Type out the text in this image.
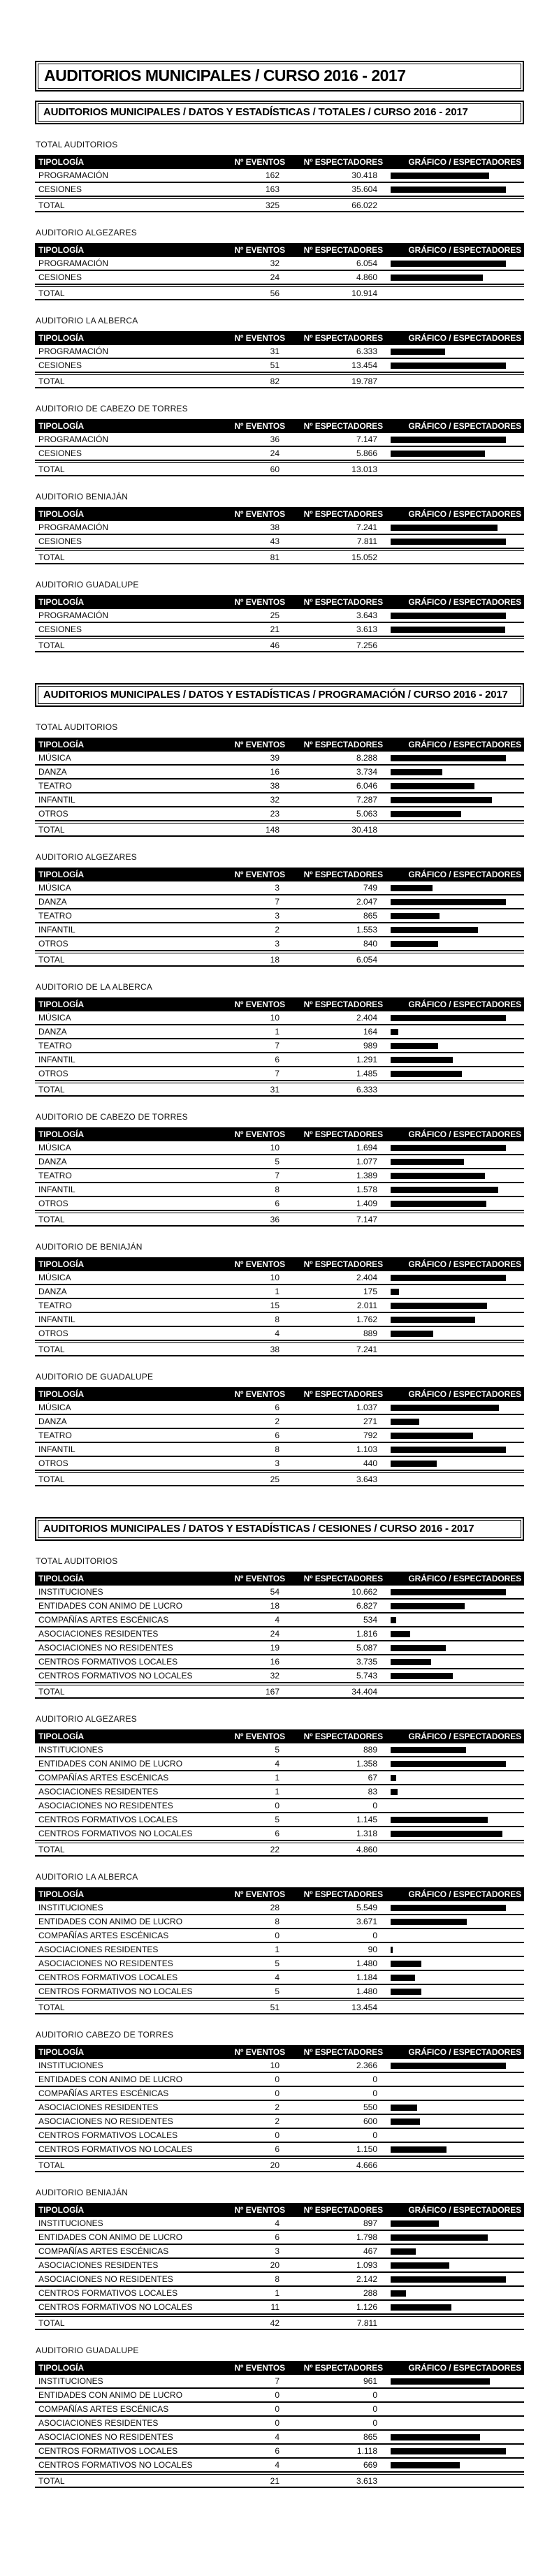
AUDITORIOS MUNICIPALES / CURSO 2016 - 2017
AUDITORIOS MUNICIPALES / DATOS Y ESTADÍSTICAS / TOTALES / CURSO 2016 - 2017
TOTAL AUDITORIOS
TIPOLOGÍA	Nº EVENTOS	Nº ESPECTADORES	GRÁFICO / ESPECTADORES
PROGRAMACIÓN	162	30.418
CESIONES	163	35.604
TOTAL	325	66.022
AUDITORIO ALGEZARES
TIPOLOGÍA	Nº EVENTOS	Nº ESPECTADORES	GRÁFICO / ESPECTADORES
PROGRAMACIÓN	32	6.054
CESIONES	24	4.860
TOTAL	56	10.914
AUDITORIO LA ALBERCA
TIPOLOGÍA	Nº EVENTOS	Nº ESPECTADORES	GRÁFICO / ESPECTADORES
PROGRAMACIÓN	31	6.333
CESIONES	51	13.454
TOTAL	82	19.787
AUDITORIO DE CABEZO DE TORRES
TIPOLOGÍA	Nº EVENTOS	Nº ESPECTADORES	GRÁFICO / ESPECTADORES
PROGRAMACIÓN	36	7.147
CESIONES	24	5.866
TOTAL	60	13.013
AUDITORIO BENIAJÁN
TIPOLOGÍA	Nº EVENTOS	Nº ESPECTADORES	GRÁFICO / ESPECTADORES
PROGRAMACIÓN	38	7.241
CESIONES	43	7.811
TOTAL	81	15.052
AUDITORIO GUADALUPE
TIPOLOGÍA	Nº EVENTOS	Nº ESPECTADORES	GRÁFICO / ESPECTADORES
PROGRAMACIÓN	25	3.643
CESIONES	21	3.613
TOTAL	46	7.256
AUDITORIOS MUNICIPALES / DATOS Y ESTADÍSTICAS / PROGRAMACIÓN / CURSO 2016 - 2017
TOTAL AUDITORIOS
TIPOLOGÍA	Nº EVENTOS	Nº ESPECTADORES	GRÁFICO / ESPECTADORES
MÚSICA	39	8.288
DANZA	16	3.734
TEATRO	38	6.046
INFANTIL	32	7.287
OTROS	23	5.063
TOTAL	148	30.418
AUDITORIO ALGEZARES
TIPOLOGÍA	Nº EVENTOS	Nº ESPECTADORES	GRÁFICO / ESPECTADORES
MÚSICA	3	749
DANZA	7	2.047
TEATRO	3	865
INFANTIL	2	1.553
OTROS	3	840
TOTAL	18	6.054
AUDITORIO DE LA ALBERCA
TIPOLOGÍA	Nº EVENTOS	Nº ESPECTADORES	GRÁFICO / ESPECTADORES
MÚSICA	10	2.404
DANZA	1	164
TEATRO	7	989
INFANTIL	6	1.291
OTROS	7	1.485
TOTAL	31	6.333
AUDITORIO DE CABEZO DE TORRES
TIPOLOGÍA	Nº EVENTOS	Nº ESPECTADORES	GRÁFICO / ESPECTADORES
MÚSICA	10	1.694
DANZA	5	1.077
TEATRO	7	1.389
INFANTIL	8	1.578
OTROS	6	1.409
TOTAL	36	7.147
AUDITORIO DE BENIAJÁN
TIPOLOGÍA	Nº EVENTOS	Nº ESPECTADORES	GRÁFICO / ESPECTADORES
MÚSICA	10	2.404
DANZA	1	175
TEATRO	15	2.011
INFANTIL	8	1.762
OTROS	4	889
TOTAL	38	7.241
AUDITORIO DE GUADALUPE
TIPOLOGÍA	Nº EVENTOS	Nº ESPECTADORES	GRÁFICO / ESPECTADORES
MÚSICA	6	1.037
DANZA	2	271
TEATRO	6	792
INFANTIL	8	1.103
OTROS	3	440
TOTAL	25	3.643
AUDITORIOS MUNICIPALES / DATOS Y ESTADÍSTICAS / CESIONES / CURSO 2016 - 2017
TOTAL AUDITORIOS
TIPOLOGÍA	Nº EVENTOS	Nº ESPECTADORES	GRÁFICO / ESPECTADORES
INSTITUCIONES	54	10.662
ENTIDADES CON ANIMO DE LUCRO	18	6.827
COMPAÑÍAS ARTES ESCÉNICAS	4	534
ASOCIACIONES RESIDENTES	24	1.816
ASOCIACIONES NO RESIDENTES	19	5.087
CENTROS FORMATIVOS LOCALES	16	3.735
CENTROS FORMATIVOS NO LOCALES	32	5.743
TOTAL	167	34.404
AUDITORIO ALGEZARES
TIPOLOGÍA	Nº EVENTOS	Nº ESPECTADORES	GRÁFICO / ESPECTADORES
INSTITUCIONES	5	889
ENTIDADES CON ANIMO DE LUCRO	4	1.358
COMPAÑÍAS ARTES ESCÉNICAS	1	67
ASOCIACIONES RESIDENTES	1	83
ASOCIACIONES NO RESIDENTES	0	0
CENTROS FORMATIVOS LOCALES	5	1.145
CENTROS FORMATIVOS NO LOCALES	6	1.318
TOTAL	22	4.860
AUDITORIO LA ALBERCA
TIPOLOGÍA	Nº EVENTOS	Nº ESPECTADORES	GRÁFICO / ESPECTADORES
INSTITUCIONES	28	5.549
ENTIDADES CON ANIMO DE LUCRO	8	3.671
COMPAÑÍAS ARTES ESCÉNICAS	0	0
ASOCIACIONES RESIDENTES	1	90
ASOCIACIONES NO RESIDENTES	5	1.480
CENTROS FORMATIVOS LOCALES	4	1.184
CENTROS FORMATIVOS NO LOCALES	5	1.480
TOTAL	51	13.454
AUDITORIO CABEZO DE TORRES
TIPOLOGÍA	Nº EVENTOS	Nº ESPECTADORES	GRÁFICO / ESPECTADORES
INSTITUCIONES	10	2.366
ENTIDADES CON ANIMO DE LUCRO	0	0
COMPAÑÍAS ARTES ESCÉNICAS	0	0
ASOCIACIONES RESIDENTES	2	550
ASOCIACIONES NO RESIDENTES	2	600
CENTROS FORMATIVOS LOCALES	0	0
CENTROS FORMATIVOS NO LOCALES	6	1.150
TOTAL	20	4.666
AUDITORIO BENIAJÁN
TIPOLOGÍA	Nº EVENTOS	Nº ESPECTADORES	GRÁFICO / ESPECTADORES
INSTITUCIONES	4	897
ENTIDADES CON ANIMO DE LUCRO	6	1.798
COMPAÑÍAS ARTES ESCÉNICAS	3	467
ASOCIACIONES RESIDENTES	20	1.093
ASOCIACIONES NO RESIDENTES	8	2.142
CENTROS FORMATIVOS LOCALES	1	288
CENTROS FORMATIVOS NO LOCALES	11	1.126
TOTAL	42	7.811
AUDITORIO GUADALUPE
TIPOLOGÍA	Nº EVENTOS	Nº ESPECTADORES	GRÁFICO / ESPECTADORES
INSTITUCIONES	7	961
ENTIDADES CON ANIMO DE LUCRO	0	0
COMPAÑÍAS ARTES ESCÉNICAS	0	0
ASOCIACIONES RESIDENTES	0	0
ASOCIACIONES NO RESIDENTES	4	865
CENTROS FORMATIVOS LOCALES	6	1.118
CENTROS FORMATIVOS NO LOCALES	4	669
TOTAL	21	3.613
